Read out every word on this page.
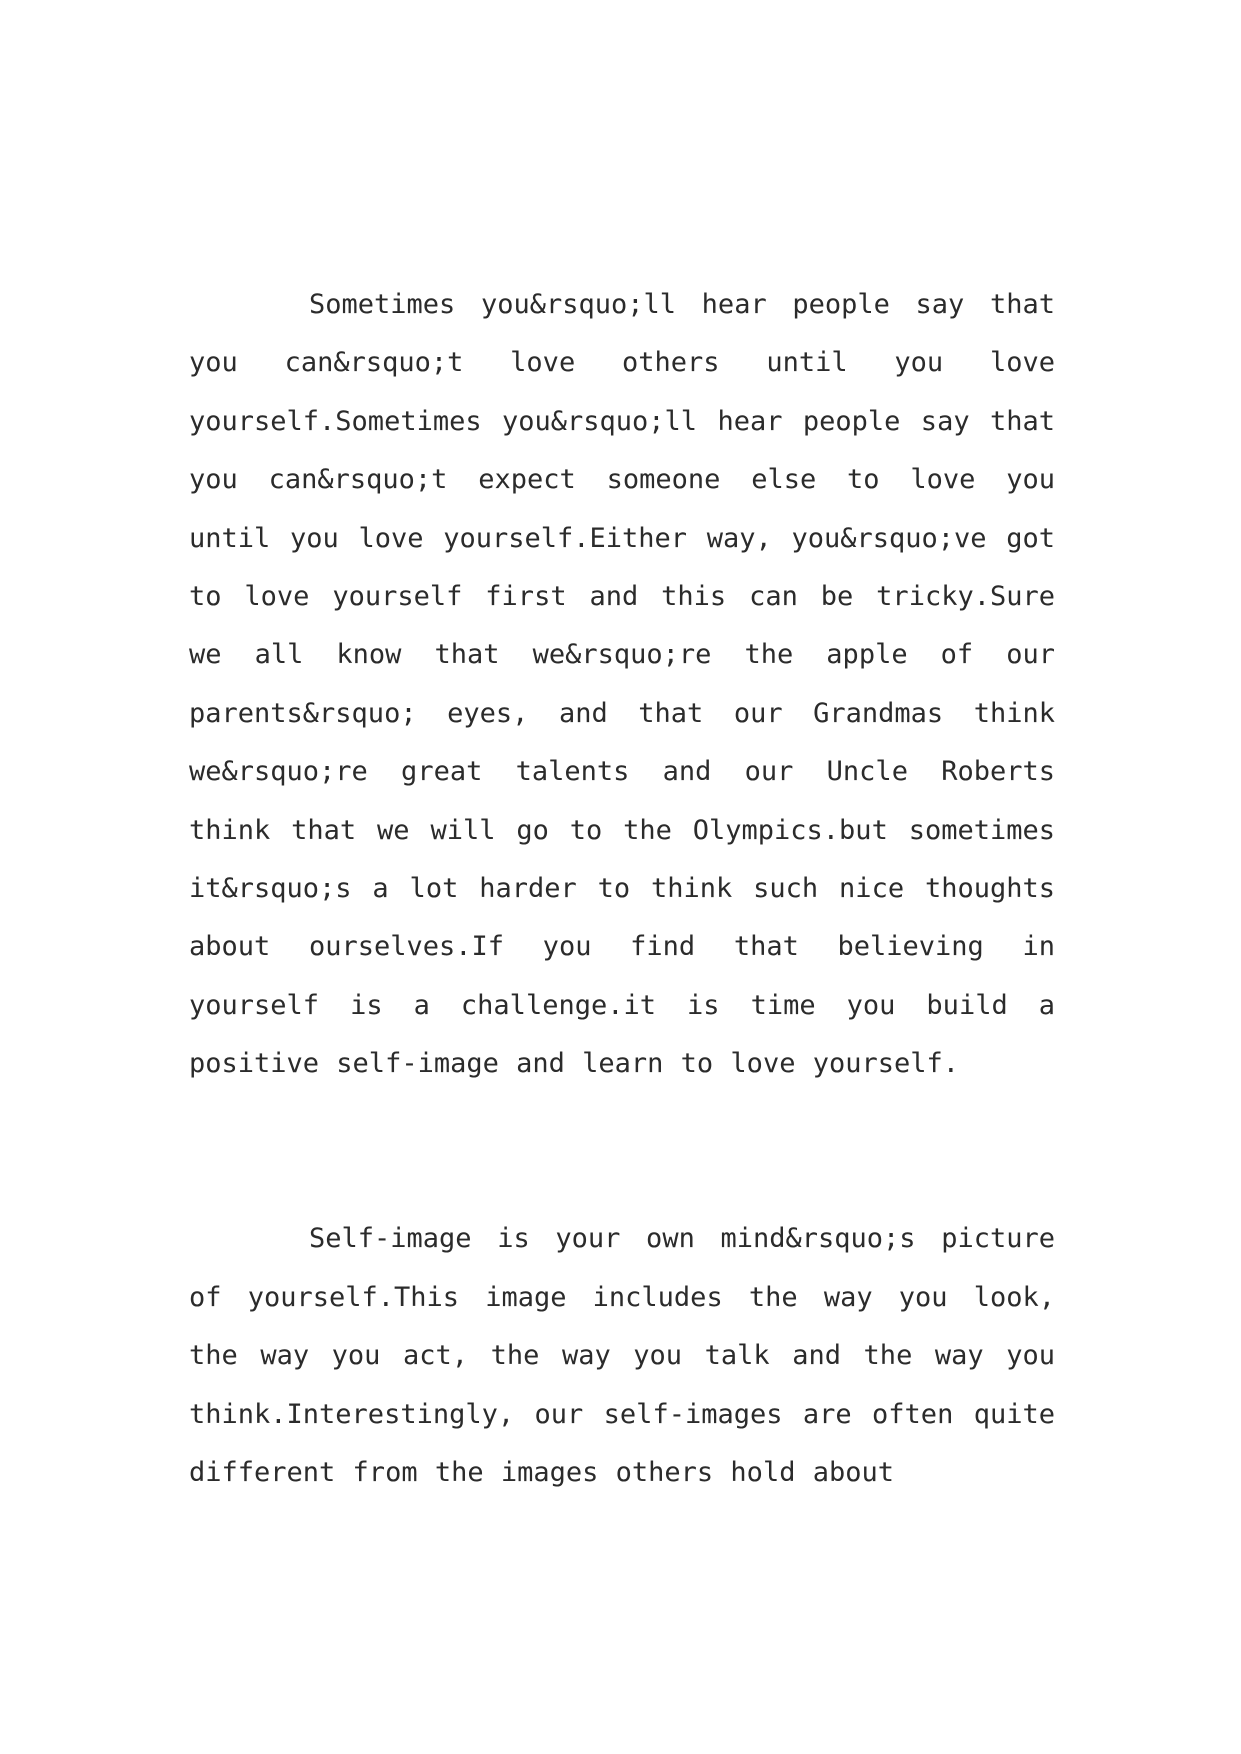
Sometimes you&rsquo;ll hear people say that you can&rsquo;t love others until you love yourself.Sometimes you&rsquo;ll hear people say that you can&rsquo;t expect someone else to love you until you love yourself.Either way, you&rsquo;ve got to love yourself first and this can be tricky.Sure we all know that we&rsquo;re the apple of our parents&rsquo; eyes, and that our Grandmas think we&rsquo;re great talents and our Uncle Roberts think that we will go to the Olympics.but sometimes it&rsquo;s a lot harder to think such nice thoughts about ourselves.If you find that believing in yourself is a challenge.it is time you build a positive self-image and learn to love yourself.

Self-image is your own mind&rsquo;s picture of yourself.This image includes the way you look, the way you act, the way you talk and the way you think.Interestingly, our self-images are often quite different from the images others hold about
